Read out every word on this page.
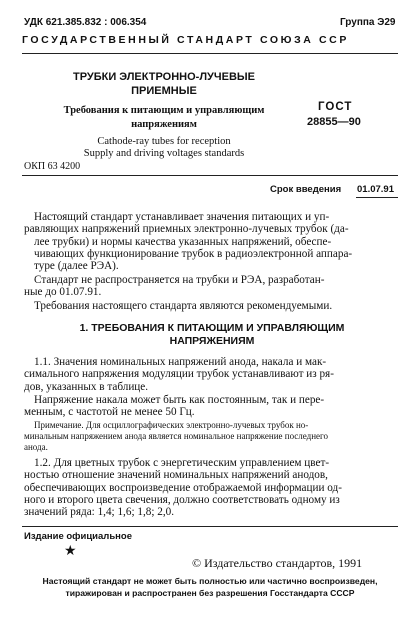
УДК 621.385.832 : 006.354	Группа Э29
ГОСУДАРСТВЕННЫЙ СТАНДАРТ СОЮЗА ССР
ТРУБКИ ЭЛЕКТРОННО-ЛУЧЕВЫЕ
ПРИЕМНЫЕ
Требования к питающим и управляющим
напряжениям
Cathode-ray tubes for reception
Supply and driving voltages standards
ОКП 63 4200
ГОСТ
28855—90
Срок введения 01.07.91
Настоящий стандарт устанавливает значения питающих и уп-
равляющих напряжений приемных электронно-лучевых трубок (да-
лее трубки) и нормы качества указанных напряжений, обеспе-
чивающих функционирование трубок в радиоэлектронной аппара-
туре (далее РЭА).
Стандарт не распространяется на трубки и РЭА, разработан-
ные до 01.07.91.
Требования настоящего стандарта являются рекомендуемыми.
1. ТРЕБОВАНИЯ К ПИТАЮЩИМ И УПРАВЛЯЮЩИМ
НАПРЯЖЕНИЯМ
1.1. Значения номинальных напряжений анода, накала и мак-
симального напряжения модуляции трубок устанавливают из ря-
дов, указанных в таблице.
Напряжение накала может быть как постоянным, так и пере-
менным, с частотой не менее 50 Гц.
Примечание. Для осциллографических электронно-лучевых трубок но-
минальным напряжением анода является номинальное напряжение последнего
анода.
1.2. Для цветных трубок с энергетическим управлением цвет-
ностью отношение значений номинальных напряжений анодов,
обеспечивающих воспроизведение отображаемой информации од-
ного и второго цвета свечения, должно соответствовать одному из
значений ряда: 1,4; 1,6; 1,8; 2,0.
Издание официальное
★
© Издательство стандартов, 1991
Настоящий стандарт не может быть полностью или частично воспроизведен,
тиражирован и распространен без разрешения Госстандарта СССР
